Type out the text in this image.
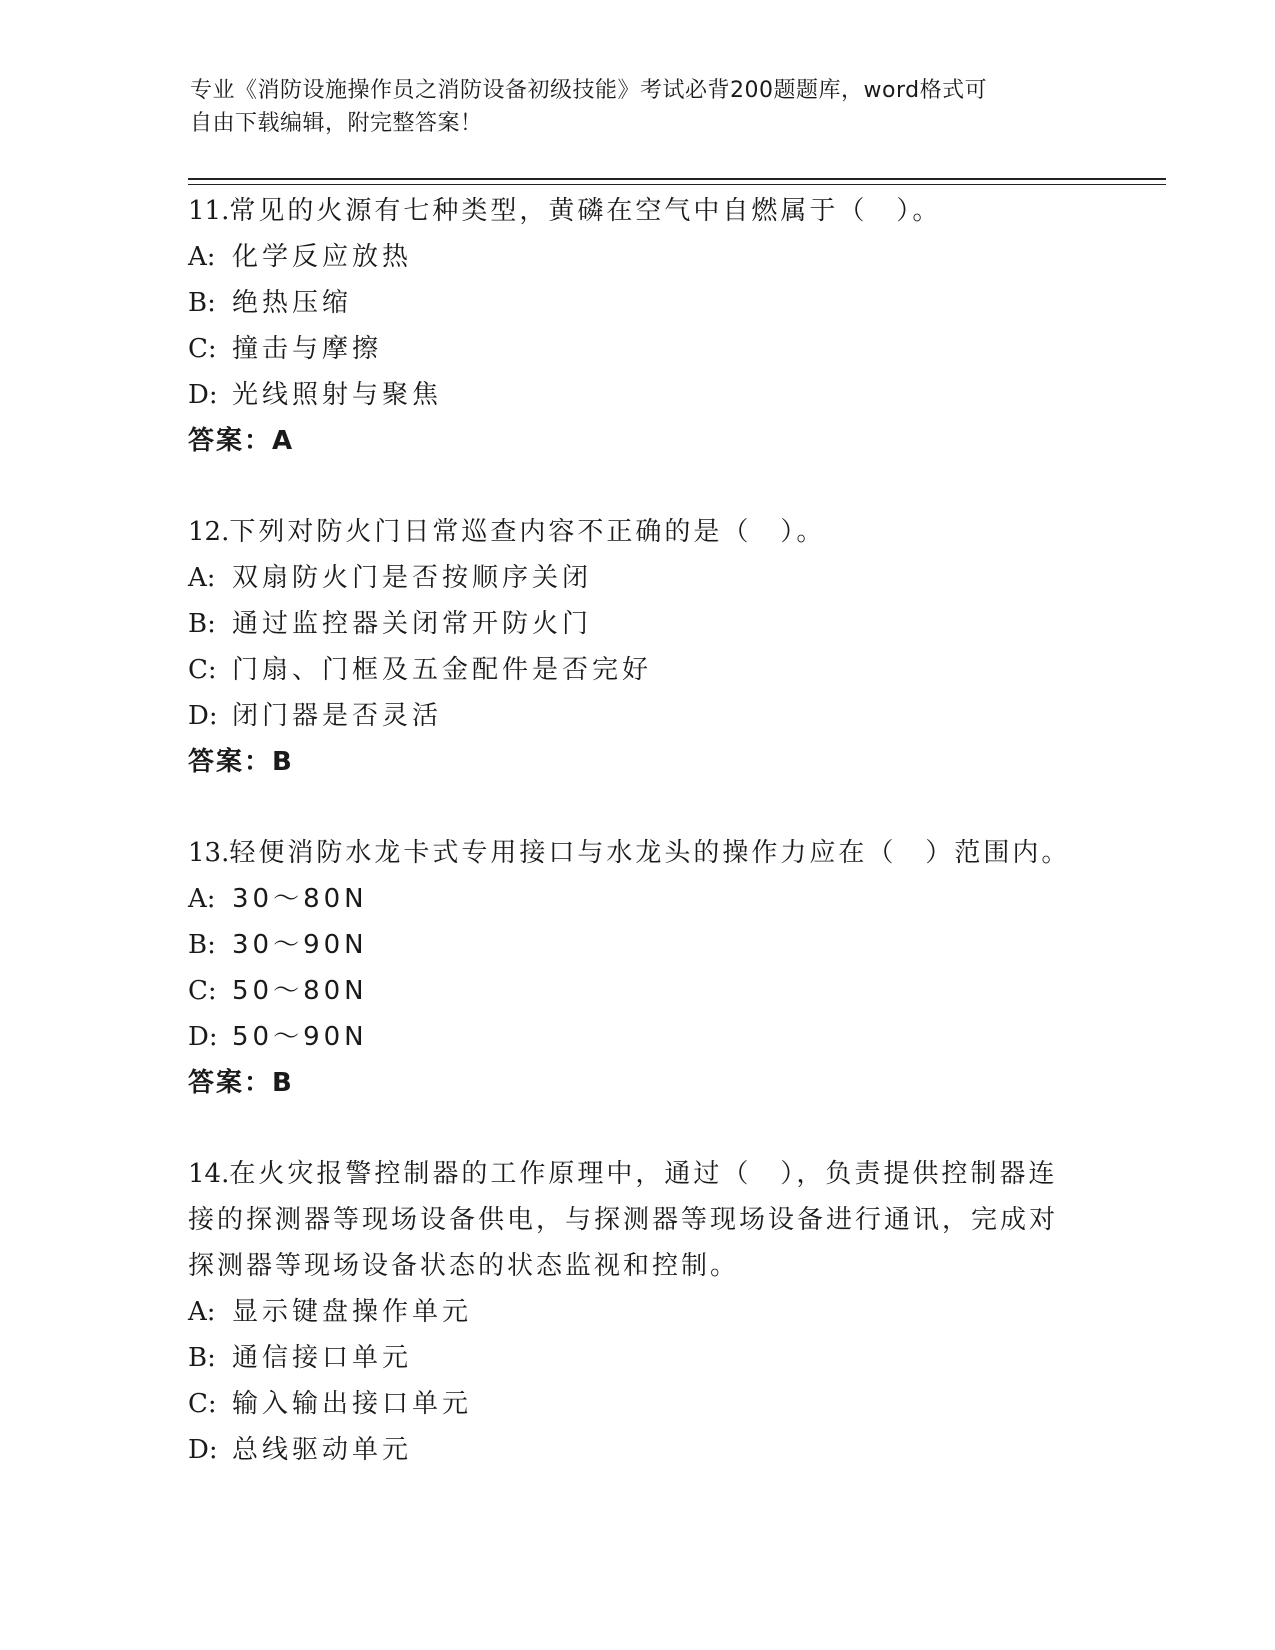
专业《消防设施操作员之消防设备初级技能》考试必背200题题库，word格式可
自由下载编辑，附完整答案！
11.常见的火源有七种类型，黄磷在空气中自燃属于（　）。
A: 化学反应放热
B: 绝热压缩
C: 撞击与摩擦
D: 光线照射与聚焦
答案：A
12.下列对防火门日常巡查内容不正确的是（　）。
A: 双扇防火门是否按顺序关闭
B: 通过监控器关闭常开防火门
C: 门扇、门框及五金配件是否完好
D: 闭门器是否灵活
答案：B
13.轻便消防水龙卡式专用接口与水龙头的操作力应在（　）范围内。
A: 30～80N
B: 30～90N
C: 50～80N
D: 50～90N
答案：B
14.在火灾报警控制器的工作原理中，通过（　），负责提供控制器连
接的探测器等现场设备供电，与探测器等现场设备进行通讯，完成对
探测器等现场设备状态的状态监视和控制。
A: 显示键盘操作单元
B: 通信接口单元
C: 输入输出接口单元
D: 总线驱动单元
